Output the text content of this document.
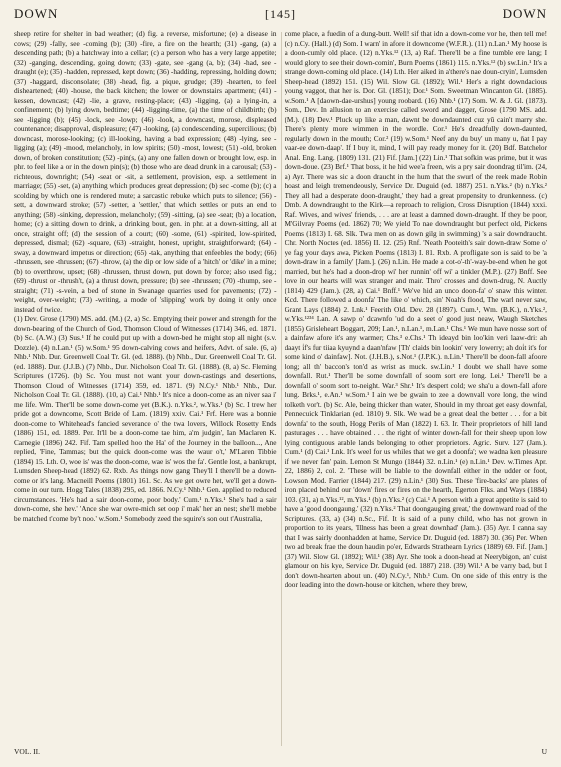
DOWN	[145]	DOWN

sheep retire for shelter in bad weather; (d) fig. a reverse, misfortune; (e) a disease in cows; (29) -fally, see -coming (b); (30) -fire, a fire on the hearth; (31) -gang, (a) a descending path; (b) a hatchway into a cellar; (c) a person who has a very large appetite; (32) -ganging, descending, going down; (33) -gate, see -gang (a, b); (34) -had, see -draught (e); (35) -hadden, repressed, kept down; (36) -hadding, repressing, holding down; (37) -haggard, disconsolate; (38) -head, fig. a pique, grudge; (39) -hearten, to feel disheartened; (40) -house, the back kitchen; the lower or downstairs apartment; (41) -kessen, downcast; (42) -lie, a grave, resting-place; (43) -ligging, (a) a lying-in, a confinement; (b) lying down, bedtime; (44) -ligging-time, (a) the time of childbirth; (b) see -ligging (b); (45) -lock, see -lowp; (46) -look, a downcast, morose, displeased countenance; disapproval, displeasure; (47) -looking, (a) condescending, supercilious; (b) downcast, morose-looking; (c) ill-looking, having a bad expression; (48) -lying, see -ligging (a); (49) -mood, melancholy, in low spirits; (50) -most, lowest; (51) -old, broken down, of broken constitution; (52) -pin(s, (a) any one fallen down or brought low, esp. in phr. to feel like a or in the down pin(s); (b) those who are dead drunk in a carousal; (53) -richteous, downright; (54) -seat or -sit, a settlement, provision, esp. a settlement in marriage; (55) -set, (a) anything which produces great depression; (b) sec -come (b); (c) a scolding by which one is rendered mute; a sarcastic rebuke which puts to silence; (56) -sett, a downward stroke; (57) -setter, a 'settler,' that which settles or puts an end to anything; (58) -sinking, depression, melancholy; (59) -sitting, (a) see -seat; (b) a location, home; (c) a sitting down to drink, a drinking bout, gen. in phr. at a down-sitting, all at once, straight off; (d) the session of a court; (60) -some, (61) -spirited, low-spirited, depressed, dismal; (62) -square, (63) -straight, honest, upright, straightforward; (64) -sway, a downward impetus or direction; (65) -tak, anything that enfeebles the body; (66) -thrussen, see -thrussen; (67) -throw, (a) the dip or low side of a 'hitch' or 'dike' in a mine; (b) to overthrow, upset; (68) -thrussen, thrust down, put down by force; also used fig.; (69) -thrust or -thrush't, (a) a thrust down, pressure; (b) see -thrussen; (70) -thump, see -straight; (71) -s-vein, a bed of stone in Swanage quarries used for pavements; (72) -weight, over-weight; (73) -writing, a mode of 'slipping' work by doing it only once instead of twice.

(1) Dev. Grose (1790) MS. add. (M.) (2, a) Sc. Emptying their power and strength for the down-bearing of the Church of God, Thomson Cloud of Witnesses (1714) 346, ed. 1871. (b) Sc. (A.W.) (3) Sus.¹ If he could put up with a down-bed he might stop all night (s.v. Dozzle). (4) n.Lan.¹ (5) w.Som.¹ 95 down-calving cows and heifers, Advt. of sale. (6, a) Nhb.¹ Nhb. Dur. Greenwell Coal Tr. Gl. (ed. 1888). (b) Nhb., Dur. Greenwell Coal Tr. Gl. (ed. 1888). Dur. (J.J.B.) (7) Nhb., Dur. Nicholson Coal Tr. Gl. (1888). (8, a) Sc. Fleming Scriptures (1726). (b) Sc. You must not want your down-castings and desertions, Thomson Cloud of Witnesses (1714) 359, ed. 1871. (9) N.Cy.¹ Nhb.¹ Nhb., Dur. Nicholson Coal Tr. Gl. (1888). (10, a) Cai.¹ Nhb.¹ It's nice a doon-come as an niver saa i' me life. Wm. Ther'll be some down-come yet (B.K.). n.Yks.², w.Yks.¹ (b) Sc. I trew her pride got a downcome, Scott Bride of Lam. (1819) xxiv. Cai.¹ Frf. Here was a bonnie doon-come to Whitehead's fancied severance o' the twa lovers, Willock Rosetty Ends (1886) 151, ed. 1889. Per. It'll be a doon-come tae him, a'm judgin', Ian Maclaren K. Carnegie (1896) 242. Fif. Tam spelled hoo the Ha' of the Journey in the balloon..., Ane replied, 'Fine, Tammas; but the quick doon-come was the waur o't,' M'Laren Tibbie (1894) 15. Lth. O, woe is' was the doon-come, wae is' wos the fa'. Gentle lost, a bankrupt, Lumsden Sheep-head (1892) 62. Rxb. As things now gang They'll I there'll be a down-come or it's lang. Macneill Poems (1801) 161. Sc. As we get owre het, we'll get a down-come in our turn. Hogg Tales (1838) 295, ed. 1866. N.Cy.¹ Nhb.¹ Gen. applied to reduced circumstances. 'He's had a sair doon-come, poor body.' Cum.¹ n.Yks.¹ She's had a sair down-come, she hev.' 'Ance she war owre-mich set oop i' mak' her an nest; she'll mebbe be matched t'come by't noo.' w.Som.¹ Somebody zeed the squire's son out t'Australia,

come place, a fuedin of a dung-butt. Well! sif that idn a down-come vor he, then tell me! (c) n.Cy. (Hall.) (d) Som. I warn' in afore it downcome (W.F.R.). (11) n.Lan.¹ My hoose is a doon-cumly old place. (12) n.Yks.¹² (13, a) Raf. There'll be a fine tumble ere lang; I would glory to see their down-comin', Burn Poems (1861) 115. n.Yks.¹² (b) sw.Lin.¹ It's a strange down-coming old place. (14) Lth. Her aiked in a'there's nae doun-cryin', Lumsden Sheep-head (1892) 151. (15) Wil. Slow Gl. (1892); Wil.¹ Her's a right downdacious young vaggot, that her is. Dor. Gl. (1851); Dor.¹ Som. Sweetman Wincanton Gl. (1885). w.Som.¹ A [daown-dae-urshus] young roobard. (16) Nhb.¹ (17) Som. W. & J. Gl. (1873). Som., Dev. In allusion to an exercise called sword and dagger, Grose (1790 MS. add. (M.). (18) Dev.¹ Pluck up like a man, dawnt be downdaunted cuz yū cain't marry she. There's plenty more wimmen in the wordle. Cor.¹ He's dreadfully down-daunted, regularly down in the mouth; Cor.² (19) w.Som.¹ Neef any du buy' un many u, n̄at I pay vaar-ee down-daap'. If I buy it, mind, I will pay ready money for it. (20) Bdf. Batchelor Anal. Eng. Lang. (1809) 131. (21) Fif. [Jam.] (22) Lin.¹ That sofkin was prime, but it was down-doue. (23) Brf.¹ That boss, it he hid wee'a freen, wis a pry sair doondrag til'im. (24, a) Ayr. There was sic a doon draucht in the hum that the swurl of the reek made Robin hoast and leigh tremendeously, Service Dr. Duguid (ed. 1887) 251. n.Yks.² (b) n.Yks.² They all had a desperate doon-draught,' they had a great propensity to drunkenness. (c) Dmb. A downdraught to the Kirk—a reproach to religion, Cross Disruption (1844) xxxi. Raf. Wives, and wives' friends, . . . are at least a damned down-draught. If they be poor, M'Gilvray Poems (ed. 1862) 70; We yield To nae downdraught but perfect old, Pickens Poems (1813) I. 68. Slk. Twa men on as down gilg in swimming) 's a sair downdraucht. Chr. North Noctes (ed. 1856) II. 12. (25) Rnf. 'Neath Pooteith's sair down-draw Some o' ye fag your days awa, Picken Poems (1813) I. 81. Rxb. A profligate son is said to be 'a down-draw in a family' [Jam.]. (26) n.Lin. He made a cot-o'-th'-way-be-end when he got married, but he's had a doon-drop wi' her runnin' off wi' a tinkler (M.P.). (27) Bnff. See love in our hearts will wax stranger and mair. Thro' crosses and down-drug, N. Auctly (1814) 429 (Jam.). (28, a) Cai.¹ Bnff.¹ We've hid an unco doon-fa' o' snaw this winter. Kcd. There followed a doonfa' The like o' which, sin' Noah's flood, The warl never saw, Grant Lays (1884) 2. Lnk.¹ Feerith Old. Dev. 28 (1897). Cum.¹, Wm. (B.K.), n.Yks.², w.Yks.¹²³⁴ Lan. A sawp o' dcawnfo 'ud do a seet o' good just neaw, Waugh Sketches (1855) Grisleheart Boggart, 209; Lan.¹, n.Lan.¹, m.Lan.¹ Chs.¹ We mun have nosse sort of a dainfaw afore it's any warmer; Chs.³ e.Chs.¹ Th ideayd bin loo'kin veri laaw-dri: ah daayt i̇f's fur tiiaa kyuynd a daan'nfaw [Th' claids bin lookin' very lowerry; ah doi̇t it's for some kind o' dainfaw]. Not. (J.H.B.), s.Not.¹ (J.P.K.). n.Lin.¹ There'll be doon-fall afoore long; all th' baccon's ton'd as wrist as muck. sw.Lin.¹ I doubt we shall have some downfall. Rut.¹ Ther'll be some downfall of soom sort ere long. Lei.¹ There'll be a downfall o' soom sort to-neight. War.³ Shr.¹ It's despert cold; we sha'u a down-fall afore lung. Brks.¹, e.An.¹ w.Som.¹ I ain we be gwain to zee a downvall vore long, the wind tolketh vor't. (b) Sc. Ale, being thicker than water, Should in my throat get easy downfal, Pennecuick Tinklarian (ed. 1810) 9. Slk. We wad be a great deal the better . . . for a bit downfa' to the south, Hogg Perils of Man (1822) I. 63. Ir. Their proprietors of hill land pasturages . . . have obtained . . . the right of winter down-fall for their sheep upon low lying contiguous arable lands belonging to other proprietors. Agric. Surv. 127 (Jam.). Cum.¹ (d) Cai.¹ Lnk. It's weel for us whiles that we get a doonfa'; we wadna ken pleasure if we never fan' pain. Lemon St Mungo (1844) 32. n.Lin.¹ (e) n.Lin.¹ Dev. w.Times Apr. 22, 1886) 2, col. 2. 'These will be liable to the downfall either in the udder or foot, Lowson Mod. Farrier (1844) 217. (29) n.Lin.¹ (30) Sus. These 'fire-backs' are plates of iron placed behind our 'down' fires or fires on the hearth, Egerton Flks. and Ways (1884) 103. (31, a) n.Yks.¹², m.Yks.¹ (b) n.Yks.² (c) Cai.¹ A person with a great appetite is said to have a 'good doongaung.' (32) n.Yks.² That doongauging great,' the downward road of the Scriptures. (33, a) (34) n.Sc., Fif. It is said of a puny child, who has not grown in proportion to its years, 'Illness has been a great downhad' (Jam.). (35) Ayr. I canna say that I was sairly doonhadden at hame, Service Dr. Duguid (ed. 1887) 30. (36) Per. When two ad break frae the doun haudin po'er, Edwards Strathearn Lyrics (1889) 69. Fif. [Jam.] (37) Wil. Slow Gl. (1892); Wil.¹ (38) Ayr. She took a doon-head at Neerybigon, an' cuist glamour on his kye, Service Dr. Duguid (ed. 1887) 218. (39) Wil.¹ A be varry bad, but I don't down-hearten about un. (40) N.Cy.¹, Nhb.¹ Cum. On one side of this entry is the door leading into the down-house or kitchen, where they brew,

VOL. II.	U
